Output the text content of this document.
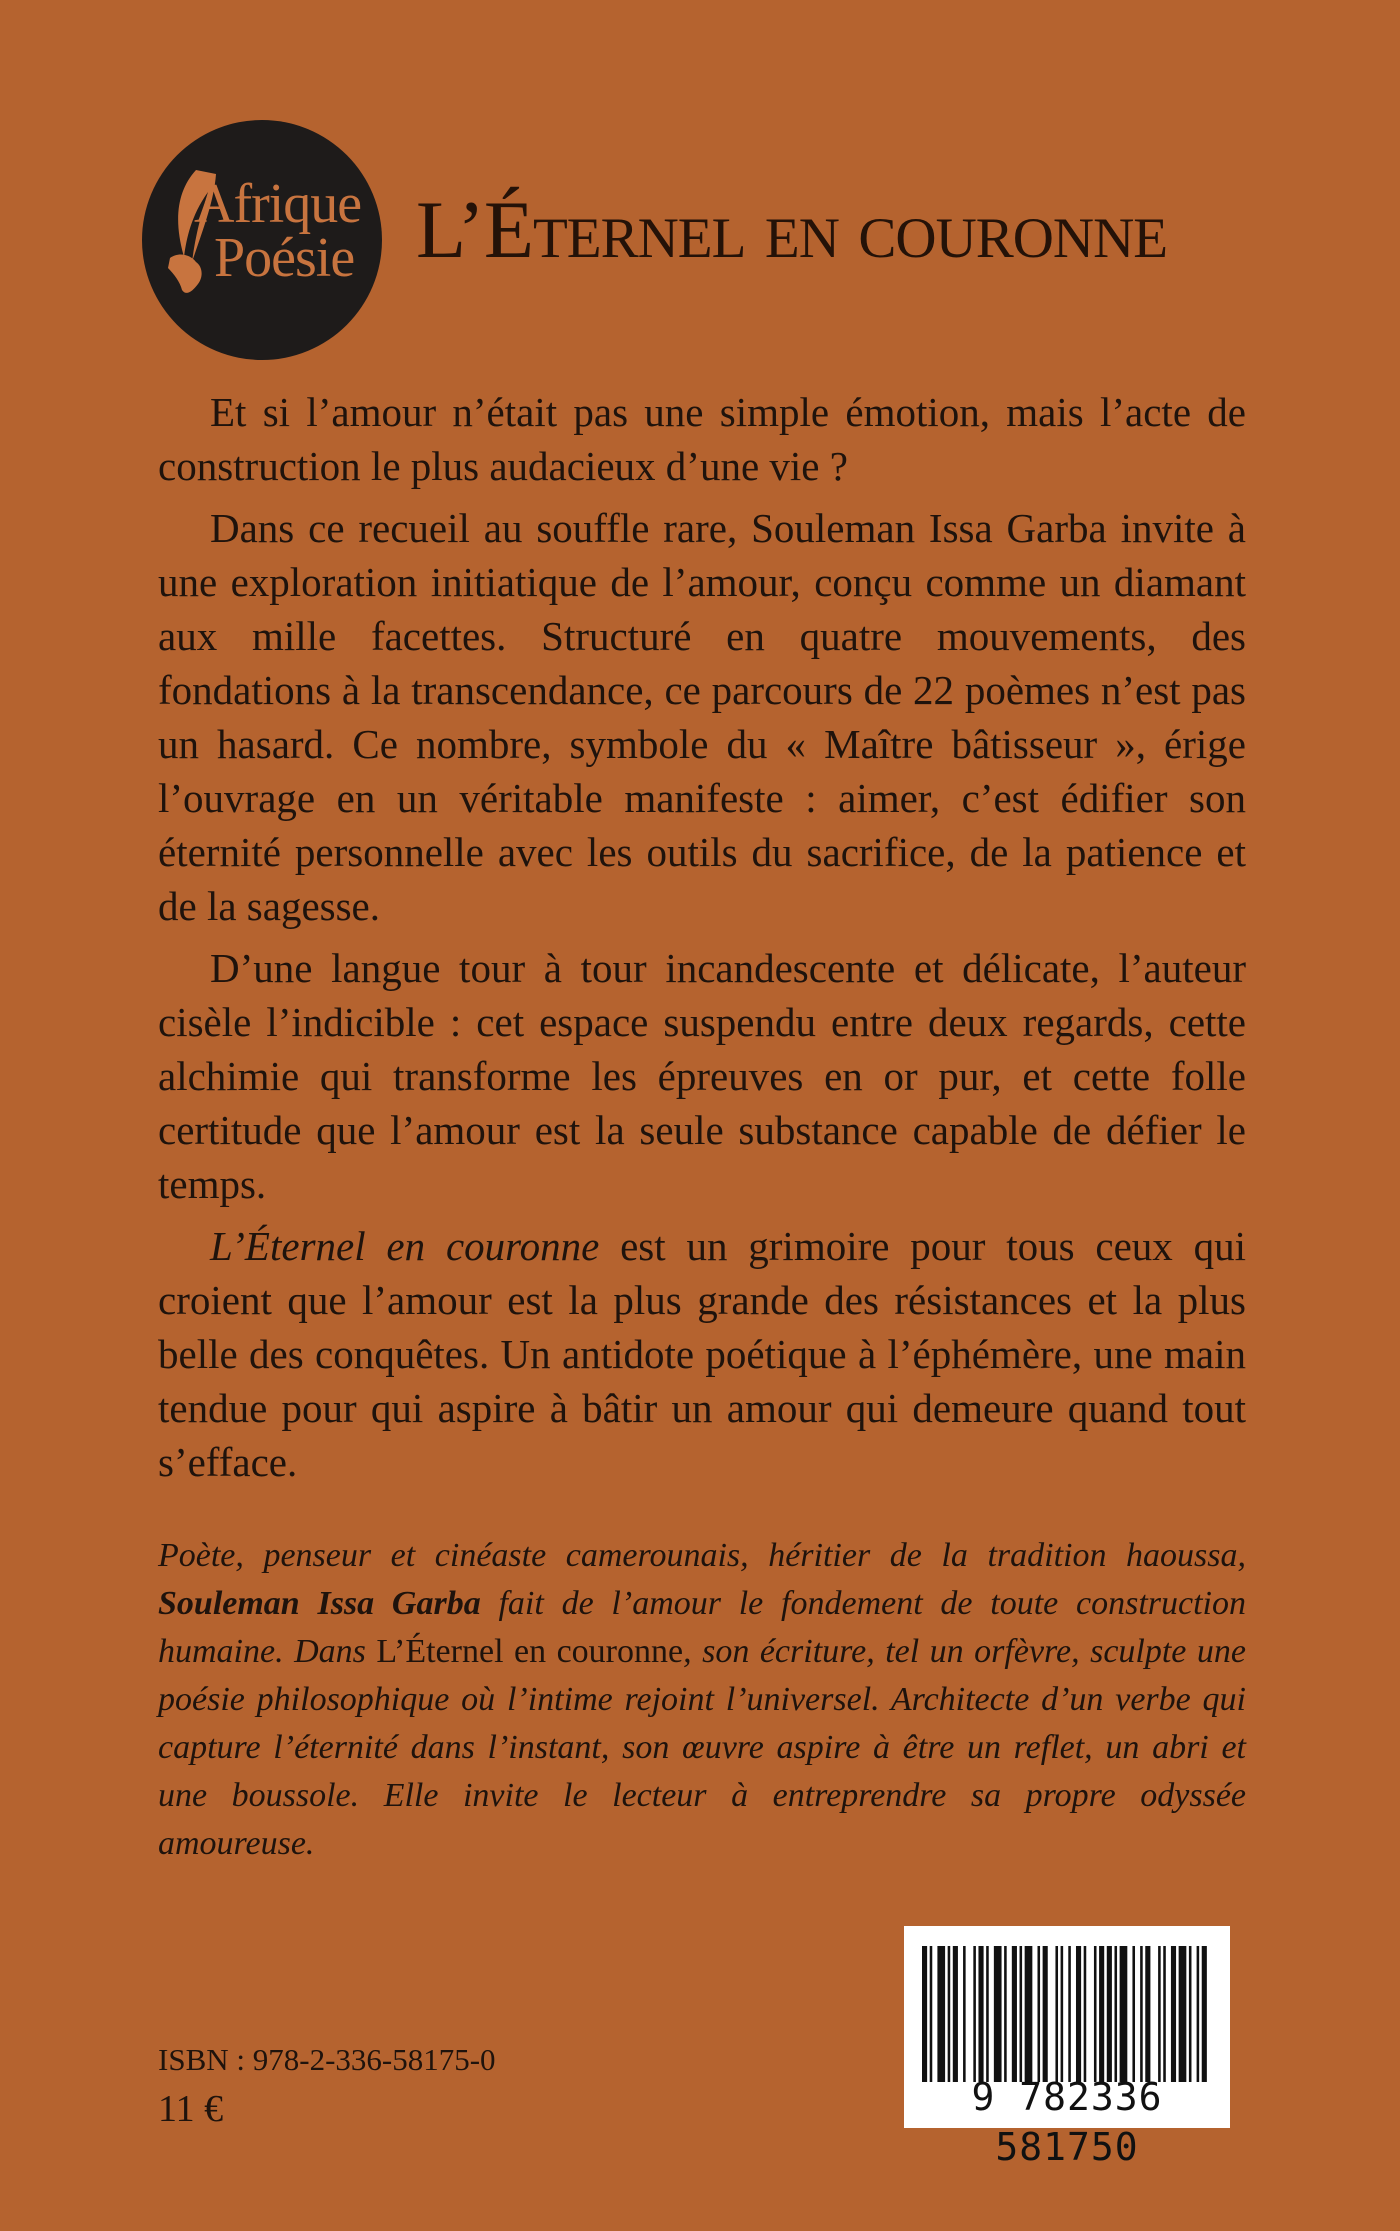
Afrique
Poésie L’Éternel en couronne

Et si l’amour n’était pas une simple émotion, mais l’acte de construction le plus audacieux d’une vie ?

Dans ce recueil au souffle rare, Souleman Issa Garba invite à une exploration initiatique de l’amour, conçu comme un diamant aux mille facettes. Structuré en quatre mouvements, des fondations à la transcendance, ce parcours de 22 poèmes n’est pas un hasard. Ce nombre, symbole du « Maître bâtisseur », érige l’ouvrage en un véritable manifeste : aimer, c’est édifier son éternité personnelle avec les outils du sacrifice, de la patience et de la sagesse.

D’une langue tour à tour incandescente et délicate, l’auteur cisèle l’indicible : cet espace suspendu entre deux regards, cette alchimie qui transforme les épreuves en or pur, et cette folle certitude que l’amour est la seule substance capable de défier le temps.

L’Éternel en couronne est un grimoire pour tous ceux qui croient que l’amour est la plus grande des résistances et la plus belle des conquêtes. Un antidote poétique à l’éphémère, une main tendue pour qui aspire à bâtir un amour qui demeure quand tout s’efface.

Poète, penseur et cinéaste camerounais, héritier de la tradition haoussa, Souleman Issa Garba fait de l’amour le fondement de toute construction humaine. Dans L’Éternel en couronne, son écriture, tel un orfèvre, sculpte une poésie philosophique où l’intime rejoint l’universel. Architecte d’un verbe qui capture l’éternité dans l’instant, son œuvre aspire à être un reflet, un abri et une boussole. Elle invite le lecteur à entreprendre sa propre odyssée amoureuse.

ISBN : 978-2-336-58175-0
11 €	9 782336 581750
